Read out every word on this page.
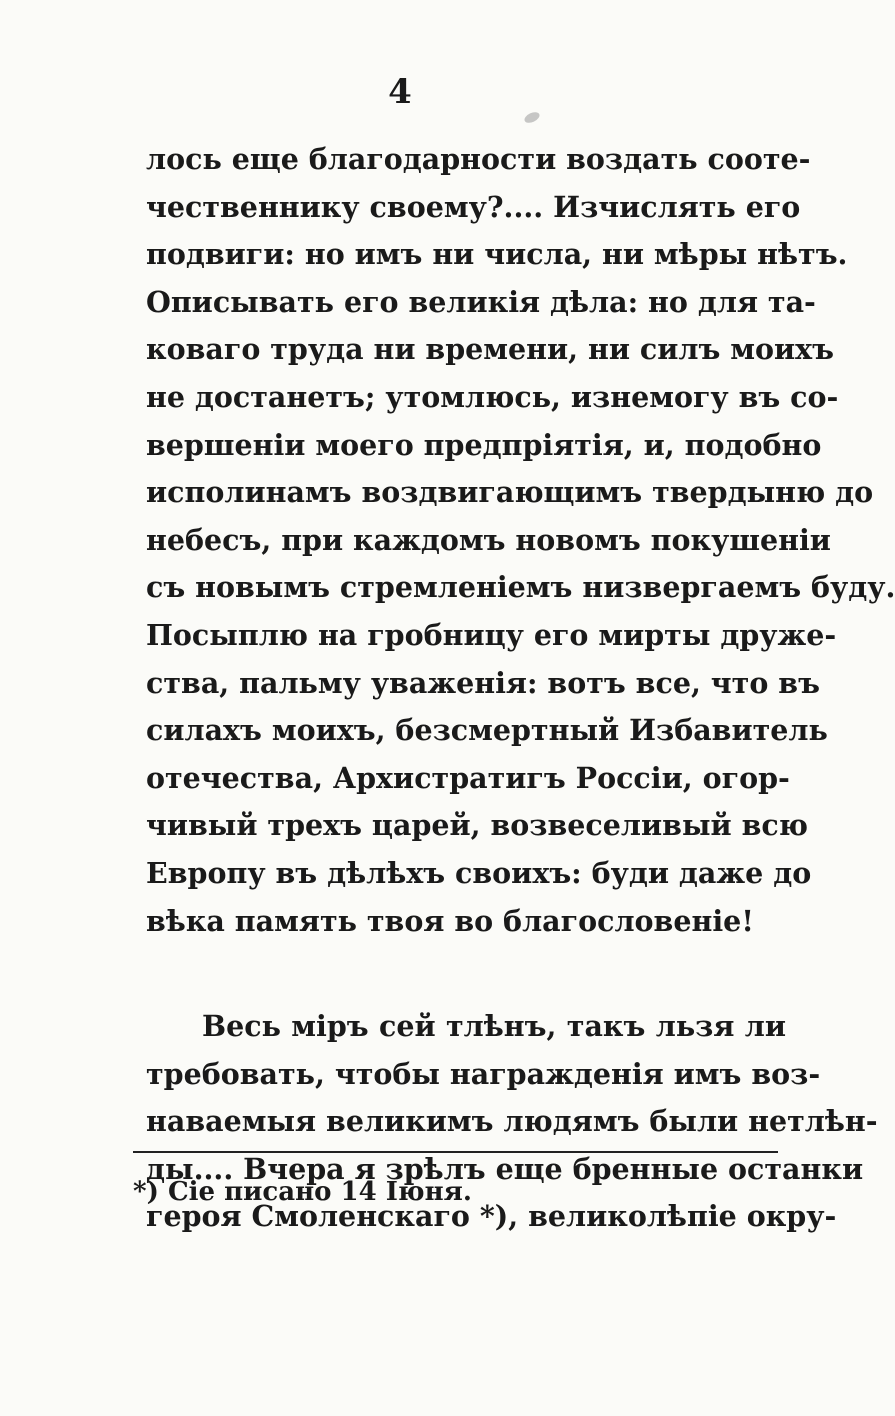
4
лось еще благодарности воздать соотe-
чественнику своему?.... Изчислять его
подвиги: но имъ ни числа, ни мѣры нѣтъ.
Описывать его великія дѣла: но для та-
коваго труда ни времени, ни силъ моихъ
не достанетъ; утомлюсь, изнемогу въ со-
вершеніи моего предпріятія, и, подобно
исполинамъ воздвигающимъ твердыню до
небесъ, при каждомъ новомъ покушеніи
съ новымъ стремленіемъ низвергаемъ буду.
Посыплю на гробницу его мирты друже-
ства, пальму уваженія: вотъ все, что въ
силахъ моихъ, безсмертный Избавитель
отечества, Архистратигъ Россіи, огор-
чивый трехъ царей, возвеселивый всю
Европу въ дѣлѣхъ своихъ: буди даже до
вѣка память твоя во благословеніе!
Весь міръ сей тлѣнъ, такъ льзя ли
требовать, чтобы награжденія имъ воз-
наваемыя великимъ людямъ были нетлѣн-
ды.... Вчера я зрѣлъ еще бренные останки
героя Смоленскаго *), великолѣпіе окру-
*) Сіе писано 14 Іюня.
